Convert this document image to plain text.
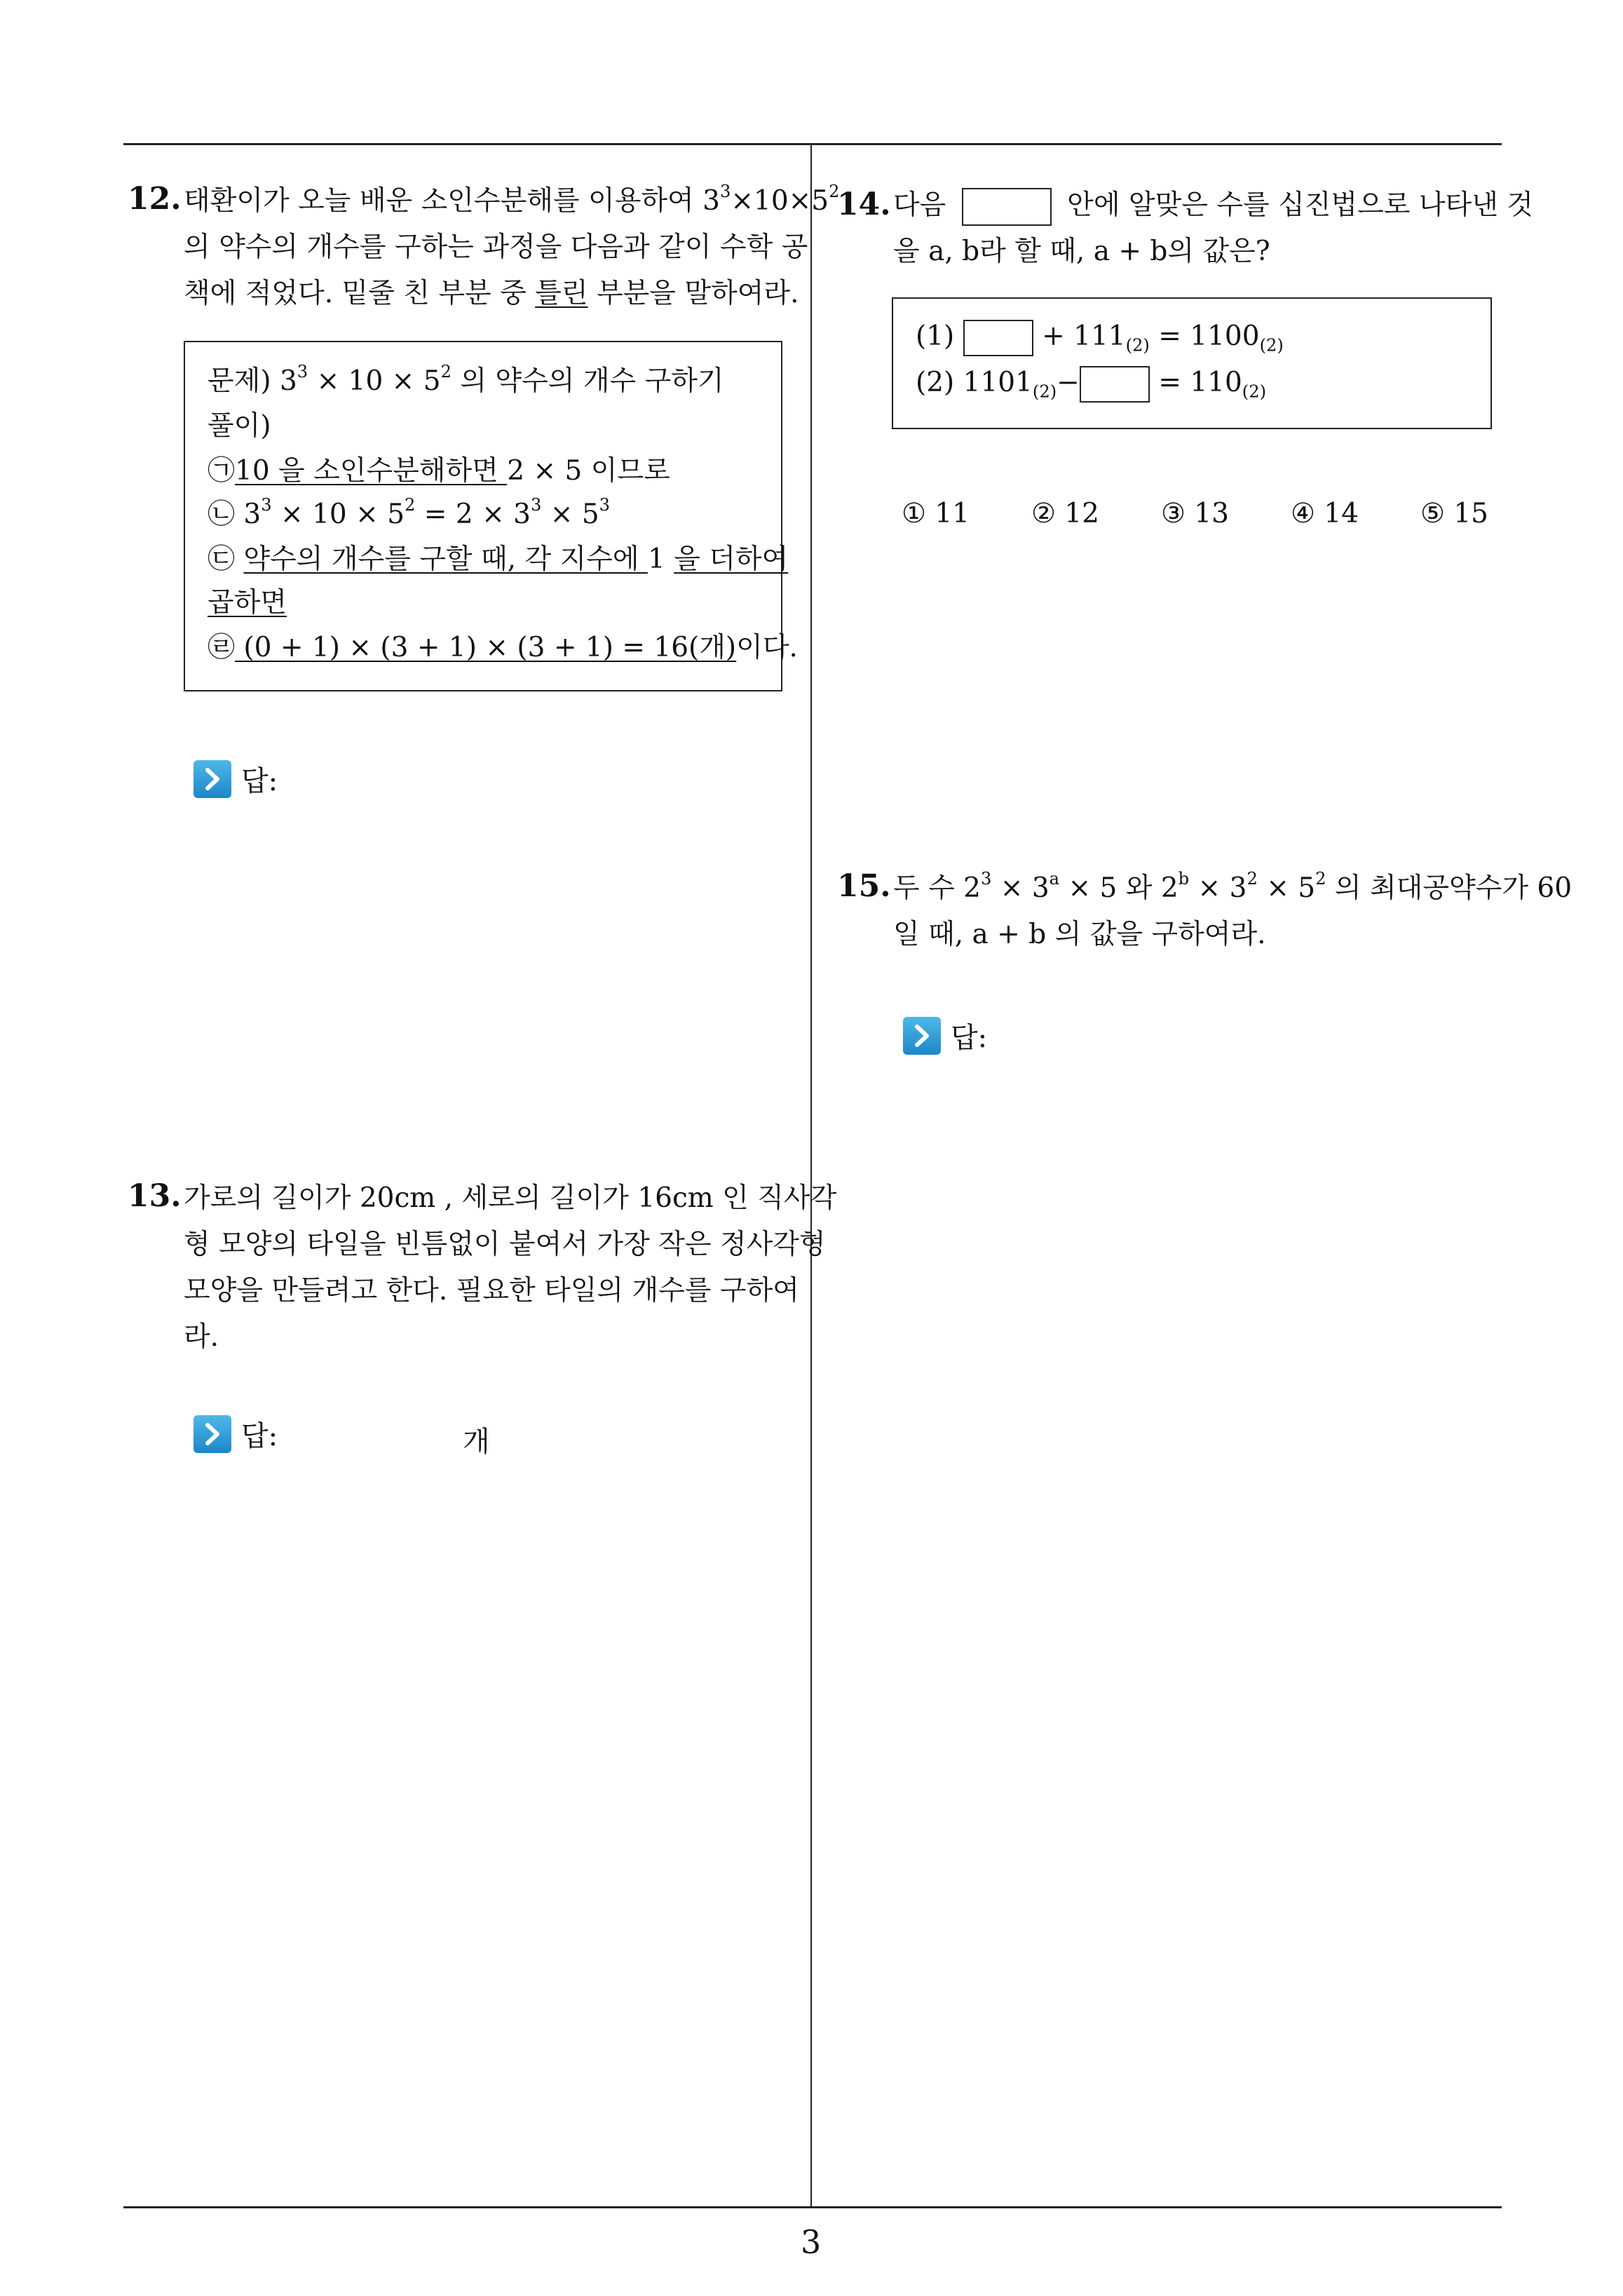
12. 태환이가 오늘 배운 소인수분해를 이용하여 $3^3\times 10\times 5^2$

의 약수의 개수를 구하는 과정을 다음과 같이 수학 공

책에 적었다. 밑줄 친 부분 중 틀린 부분을 말하여라.

문제) $3^3 \times 10 \times 5^2$ 의 약수의 개수 구하기
풀이)
㉠10 을 소인수분해하면 2 × 5 이므로
㉡ $3^3 \times 10 \times 5^2 = 2 \times 3^3 \times 5^3$
㉢ 약수의 개수를 구할 때, 각 지수에 1 을 더하여
곱하면
㉣ (0 + 1) × (3 + 1) × (3 + 1) = 16(개)이다.
답:
13. 가로의 길이가 20cm , 세로의 길이가 16cm 인 직사각

형 모양의 타일을 빈틈없이 붙여서 가장 작은 정사각형

모양을 만들려고 한다. 필요한 타일의 개수를 구하여

라.

답:	개
14. 다음	안에 알맞은 수를 십진법으로 나타낸 것

을 a, b라 할 때, a + b의 값은?

(1)	+ $111_{(2)} = 1100_{(2)}$
(2) $1101_{(2)}-$	= $110_{(2)}$
① 11 ② 12 ③ 13 ④ 14 ⑤ 15
15. 두 수 $2^3 \times 3^a \times 5$ 와 $2^b \times 3^2 \times 5^2$ 의 최대공약수가 60

일 때, a + b 의 값을 구하여라.

답:
3
